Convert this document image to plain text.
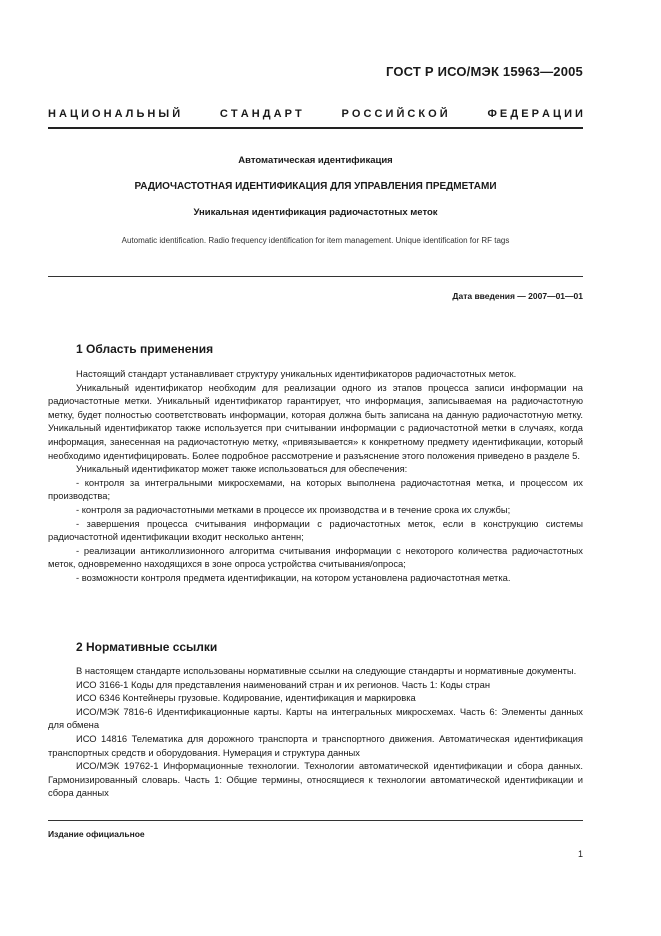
ГОСТ Р ИСО/МЭК 15963—2005
Н А Ц И О Н А Л Ь Н Ы Й	С Т А Н Д А Р Т	Р О С С И Й С К О Й	Ф Е Д Е Р А Ц И И
Автоматическая идентификация
РАДИОЧАСТОТНАЯ ИДЕНТИФИКАЦИЯ ДЛЯ УПРАВЛЕНИЯ ПРЕДМЕТАМИ
Уникальная идентификация радиочастотных меток
Automatic identification. Radio frequency identification for item management. Unique identification for RF tags
Дата введения — 2007—01—01
1 Область применения

Настоящий стандарт устанавливает структуру уникальных идентификаторов радиочастотных меток.

Уникальный идентификатор необходим для реализации одного из этапов процесса записи информации на радиочастотные метки. Уникальный идентификатор гарантирует, что информация, записываемая на радиочастотную метку, будет полностью соответствовать информации, которая должна быть записана на данную радиочастотную метку. Уникальный идентификатор также используется при считывании информации с радиочастотной метки в случаях, когда информация, занесенная на радиочастотную метку, «привязывается» к конкретному предмету идентификации, который необходимо идентифицировать. Более подробное рассмотрение и разъяснение этого положения приведено в разделе 5.

Уникальный идентификатор может также использоваться для обеспечения:

- контроля за интегральными микросхемами, на которых выполнена радиочастотная метка, и процессом их производства;

- контроля за радиочастотными метками в процессе их производства и в течение срока их службы;

- завершения процесса считывания информации с радиочастотных меток, если в конструкцию системы радиочастотной идентификации входит несколько антенн;

- реализации антиколлизионного алгоритма считывания информации с некоторого количества радиочастотных меток, одновременно находящихся в зоне опроса устройства считывания/опроса;

- возможности контроля предмета идентификации, на котором установлена радиочастотная метка.

2 Нормативные ссылки

В настоящем стандарте использованы нормативные ссылки на следующие стандарты и нормативные документы.

ИСО 3166-1 Коды для представления наименований стран и их регионов. Часть 1: Коды стран

ИСО 6346 Контейнеры грузовые. Кодирование, идентификация и маркировка

ИСО/МЭК 7816-6 Идентификационные карты. Карты на интегральных микросхемах. Часть 6: Элементы данных для обмена

ИСО 14816 Телематика для дорожного транспорта и транспортного движения. Автоматическая идентификация транспортных средств и оборудования. Нумерация и структура данных

ИСО/МЭК 19762-1 Информационные технологии. Технологии автоматической идентификации и сбора данных. Гармонизированный словарь. Часть 1: Общие термины, относящиеся к технологии автоматической идентификации и сбора данных

Издание официальное
1
